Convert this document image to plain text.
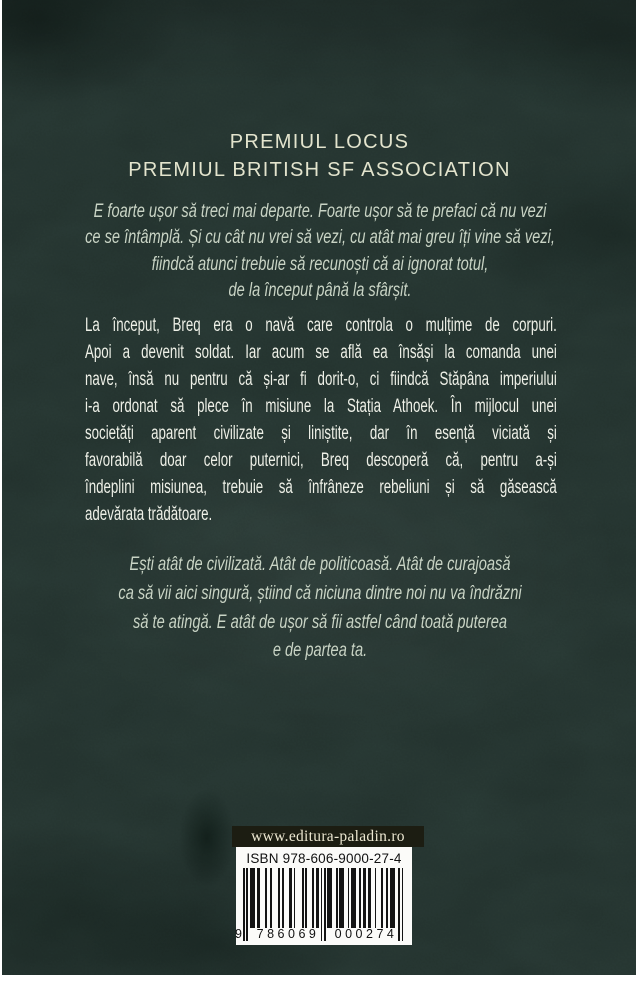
PREMIUL LOCUS
PREMIUL BRITISH SF ASSOCIATION
E foarte ușor să treci mai departe. Foarte ușor să te prefaci că nu vezi
ce se întâmplă. Și cu cât nu vrei să vezi, cu atât mai greu îți vine să vezi,
fiindcă atunci trebuie să recunoști că ai ignorat totul,
de la început până la sfârșit.
La început, Breq era o navă care controla o mulțime de corpuri.
Apoi a devenit soldat. Iar acum se află ea însăși la comanda unei
nave, însă nu pentru că și-ar fi dorit-o, ci fiindcă Stăpâna imperiului
i-a ordonat să plece în misiune la Stația Athoek. În mijlocul unei
societăți aparent civilizate și liniștite, dar în esență viciată și
favorabilă doar celor puternici, Breq descoperă că, pentru a-și
îndeplini misiunea, trebuie să înfrâneze rebeliuni și să găsească
adevărata trădătoare.
Ești atât de civilizată. Atât de politicoasă. Atât de curajoasă
ca să vii aici singură, știind că niciuna dintre noi nu va îndrăzni
să te atingă. E atât de ușor să fii astfel când toată puterea
e de partea ta.
www.editura-paladin.ro
ISBN 978-606-9000-27-4
9	786069	000274
